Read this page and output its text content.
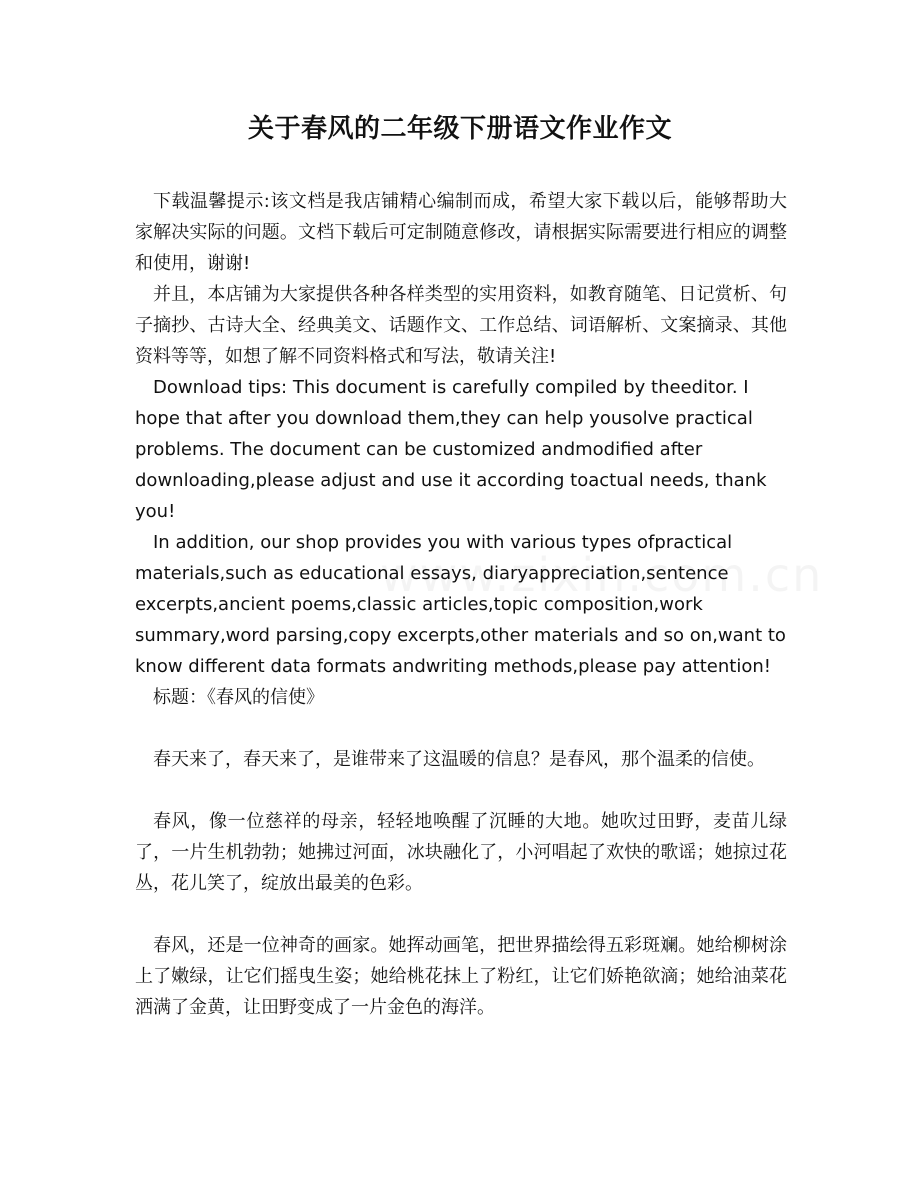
关于春风的二年级下册语文作业作文

下载温馨提示:该文档是我店铺精心编制而成，希望大家下载以后，能够帮助大家解决实际的问题。文档下载后可定制随意修改，请根据实际需要进行相应的调整和使用，谢谢!

并且，本店铺为大家提供各种各样类型的实用资料，如教育随笔、日记赏析、句子摘抄、古诗大全、经典美文、话题作文、工作总结、词语解析、文案摘录、其他资料等等，如想了解不同资料格式和写法，敬请关注!

Download tips: This document is carefully compiled by theeditor. I hope that after you download them,they can help yousolve practical problems. The document can be customized andmodified after downloading,please adjust and use it according toactual needs, thank you!

In addition, our shop provides you with various types ofpractical materials,such as educational essays, diaryappreciation,sentence excerpts,ancient poems,classic articles,topic composition,work summary,word parsing,copy excerpts,other materials and so on,want to know different data formats andwriting methods,please pay attention!

标题：《春风的信使》

春天来了，春天来了，是谁带来了这温暖的信息？是春风，那个温柔的信使。

春风，像一位慈祥的母亲，轻轻地唤醒了沉睡的大地。她吹过田野，麦苗儿绿了，一片生机勃勃；她拂过河面，冰块融化了，小河唱起了欢快的歌谣；她掠过花丛，花儿笑了，绽放出最美的色彩。

春风，还是一位神奇的画家。她挥动画笔，把世界描绘得五彩斑斓。她给柳树涂上了嫩绿，让它们摇曳生姿；她给桃花抹上了粉红，让它们娇艳欲滴；她给油菜花洒满了金黄，让田野变成了一片金色的海洋。
